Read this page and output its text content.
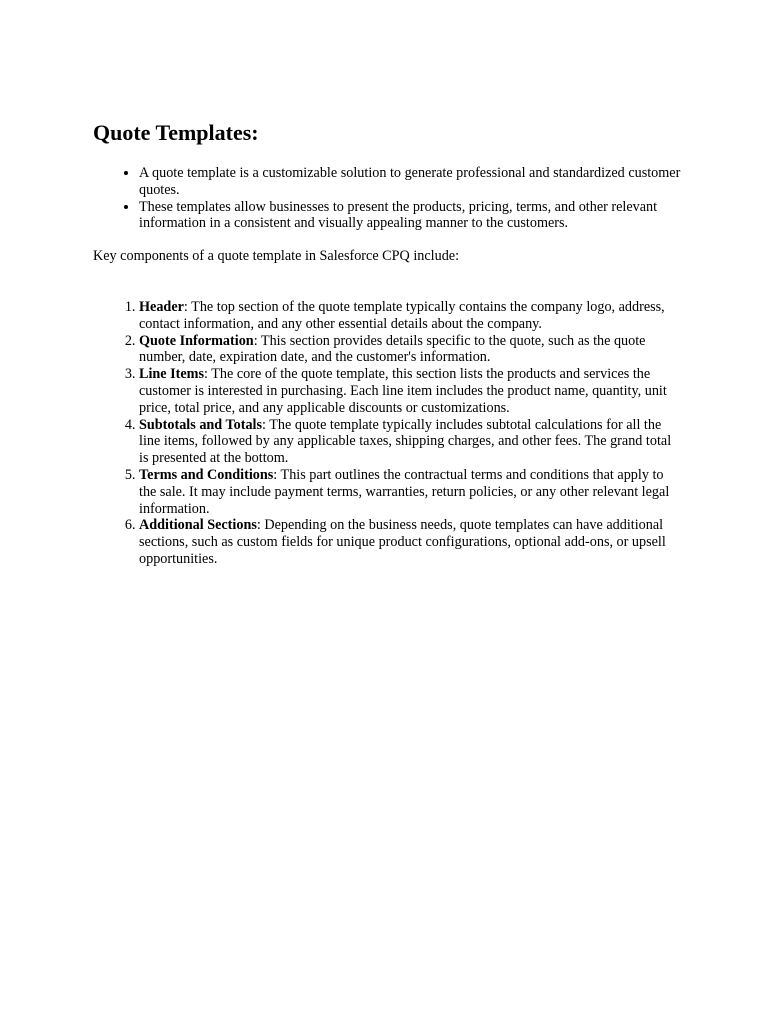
Quote Templates:
• A quote template is a customizable solution to generate professional and standardized customer quotes.
• These templates allow businesses to present the products, pricing, terms, and other relevant information in a consistent and visually appealing manner to the customers.

Key components of a quote template in Salesforce CPQ include:

1. Header: The top section of the quote template typically contains the company logo, address, contact information, and any other essential details about the company.
2. Quote Information: This section provides details specific to the quote, such as the quote number, date, expiration date, and the customer's information.
3. Line Items: The core of the quote template, this section lists the products and services the customer is interested in purchasing. Each line item includes the product name, quantity, unit price, total price, and any applicable discounts or customizations.
4. Subtotals and Totals: The quote template typically includes subtotal calculations for all the line items, followed by any applicable taxes, shipping charges, and other fees. The grand total is presented at the bottom.
5. Terms and Conditions: This part outlines the contractual terms and conditions that apply to the sale. It may include payment terms, warranties, return policies, or any other relevant legal information.
6. Additional Sections: Depending on the business needs, quote templates can have additional sections, such as custom fields for unique product configurations, optional add-ons, or upsell opportunities.
